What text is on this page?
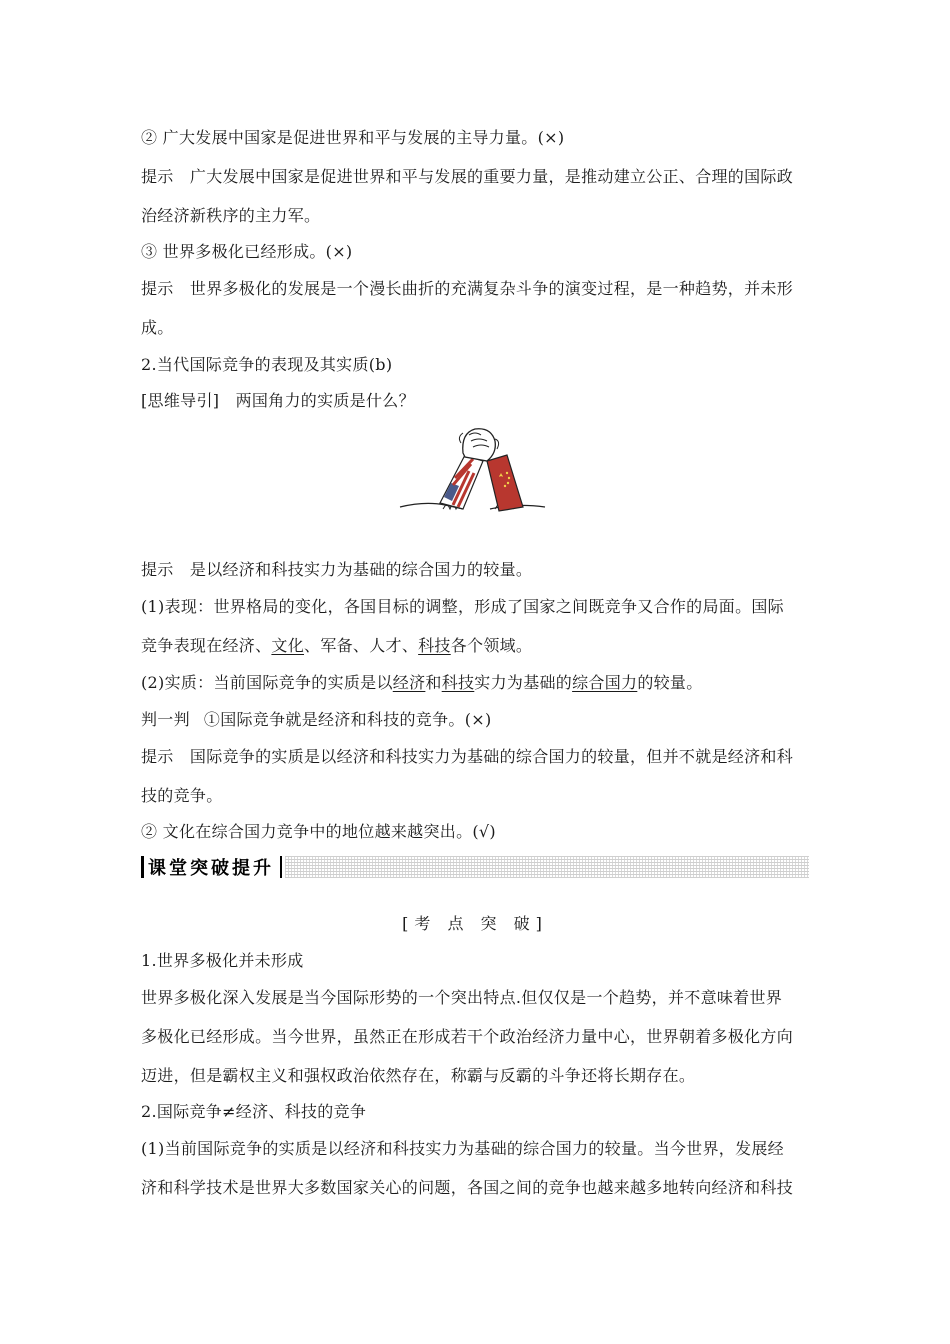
② 广大发展中国家是促进世界和平与发展的主导力量。(×)
提示　广大发展中国家是促进世界和平与发展的重要力量，是推动建立公正、合理的国际政
治经济新秩序的主力军。
③ 世界多极化已经形成。(×)
提示　世界多极化的发展是一个漫长曲折的充满复杂斗争的演变过程，是一种趋势，并未形
成。
2.当代国际竞争的表现及其实质(b)
[思维导引]　两国角力的实质是什么？
提示　是以经济和科技实力为基础的综合国力的较量。
(1)表现：世界格局的变化，各国目标的调整，形成了国家之间既竞争又合作的局面。国际
竞争表现在经济、文化、军备、人才、科技各个领域。
(2)实质：当前国际竞争的实质是以经济和科技实力为基础的综合国力的较量。
判一判 ①国际竞争就是经济和科技的竞争。(×)
提示　国际竞争的实质是以经济和科技实力为基础的综合国力的较量，但并不就是经济和科
技的竞争。
② 文化在综合国力竞争中的地位越来越突出。(√)
课堂突破提升
[考 点 突 破]
1.世界多极化并未形成
世界多极化深入发展是当今国际形势的一个突出特点.但仅仅是一个趋势，并不意味着世界
多极化已经形成。当今世界，虽然正在形成若干个政治经济力量中心，世界朝着多极化方向
迈进，但是霸权主义和强权政治依然存在，称霸与反霸的斗争还将长期存在。
2.国际竞争≠经济、科技的竞争
(1)当前国际竞争的实质是以经济和科技实力为基础的综合国力的较量。当今世界，发展经
济和科学技术是世界大多数国家关心的问题，各国之间的竞争也越来越多地转向经济和科技
